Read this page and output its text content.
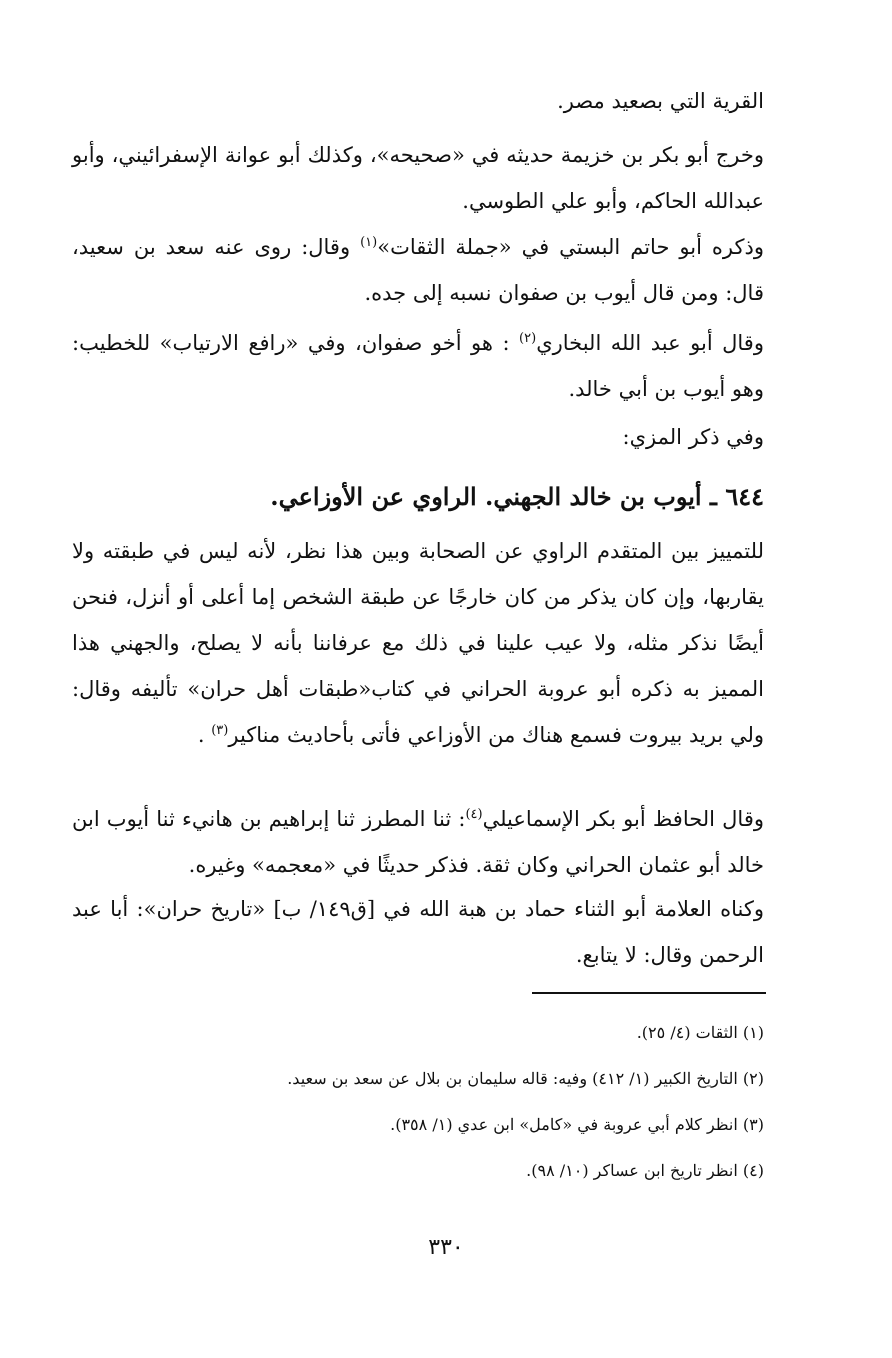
القرية التي بصعيد مصر.
وخرج أبو بكر بن خزيمة حديثه في «صحيحه»، وكذلك أبو عوانة الإسفرائيني، وأبو عبدالله الحاكم، وأبو علي الطوسي.
وذكره أبو حاتم البستي في «جملة الثقات»$^{(١)}$ وقال: روى عنه سعد بن سعيد، قال: ومن قال أيوب بن صفوان نسبه إلى جده.
وقال أبو عبد الله البخاري$^{(٢)}$ : هو أخو صفوان، وفي «رافع الارتياب» للخطيب: وهو أيوب بن أبي خالد.
وفي ذكر المزي:
٦٤٤ ـ أيوب بن خالد الجهني. الراوي عن الأوزاعي.
للتمييز بين المتقدم الراوي عن الصحابة وبين هذا نظر، لأنه ليس في طبقته ولا يقاربها، وإن كان يذكر من كان خارجًا عن طبقة الشخص إما أعلى أو أنزل، فنحن أيضًا نذكر مثله، ولا عيب علينا في ذلك مع عرفاننا بأنه لا يصلح، والجهني هذا المميز به ذكره أبو عروبة الحراني في كتاب«طبقات أهل حران» تأليفه وقال: ولي بريد بيروت فسمع هناك من الأوزاعي فأتى بأحاديث مناكير$^{(٣)}$ .
وقال الحافظ أبو بكر الإسماعيلي$^{(٤)}$: ثنا المطرز ثنا إبراهيم بن هانيء ثنا أيوب ابن خالد أبو عثمان الحراني وكان ثقة. فذكر حديثًا في «معجمه» وغيره.
وكناه العلامة أبو الثناء حماد بن هبة الله في [ق١٤٩/ ب] «تاريخ حران»: أبا عبد الرحمن وقال: لا يتابع.
(١) الثقات (٤/ ٢٥).
(٢) التاريخ الكبير (١/ ٤١٢) وفيه: قاله سليمان بن بلال عن سعد بن سعيد.
(٣) انظر كلام أبي عروبة في «كامل» ابن عدي (١/ ٣٥٨).
(٤) انظر تاريخ ابن عساكر (١٠/ ٩٨).
٣٣٠
